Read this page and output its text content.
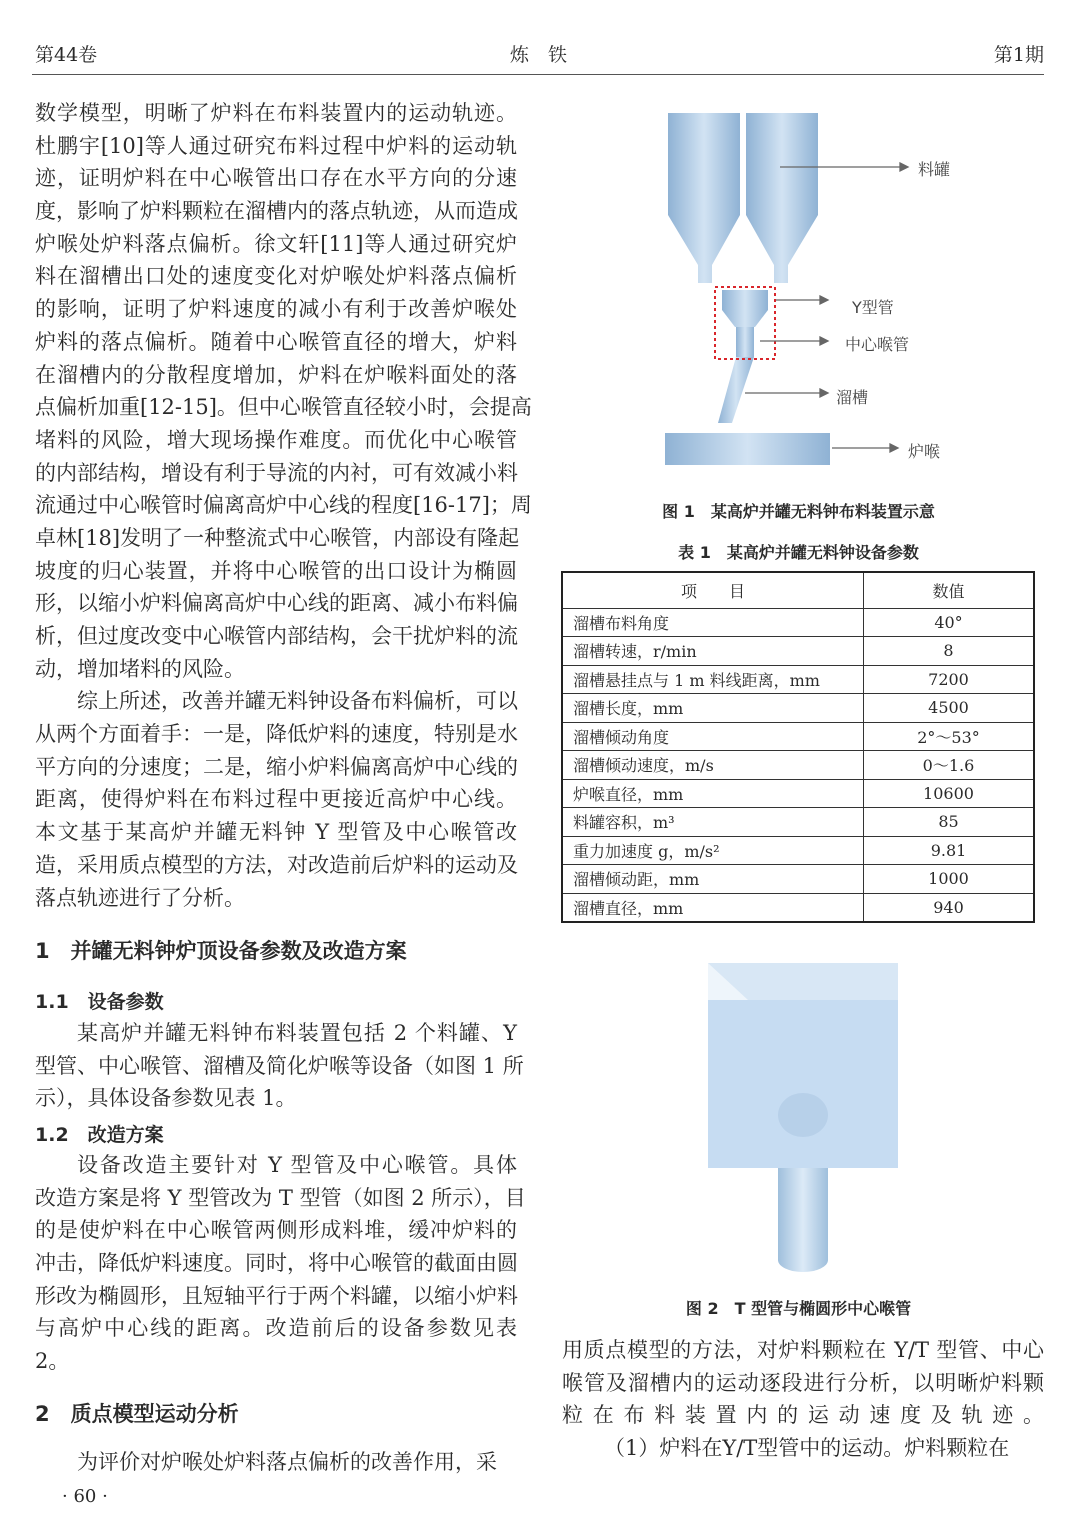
第44卷	炼　铁	第1期
数学模型，明晰了炉料在布料装置内的运动轨迹。
杜鹏宇[10]等人通过研究布料过程中炉料的运动轨
迹，证明炉料在中心喉管出口存在水平方向的分速
度，影响了炉料颗粒在溜槽内的落点轨迹，从而造成
炉喉处炉料落点偏析。徐文轩[11]等人通过研究炉
料在溜槽出口处的速度变化对炉喉处炉料落点偏析
的影响，证明了炉料速度的减小有利于改善炉喉处
炉料的落点偏析。随着中心喉管直径的增大，炉料
在溜槽内的分散程度增加，炉料在炉喉料面处的落
点偏析加重[12-15]。但中心喉管直径较小时，会提高
堵料的风险，增大现场操作难度。而优化中心喉管
的内部结构，增设有利于导流的内衬，可有效减小料
流通过中心喉管时偏离高炉中心线的程度[16-17]；周
卓林[18]发明了一种整流式中心喉管，内部设有隆起
坡度的归心装置，并将中心喉管的出口设计为椭圆
形，以缩小炉料偏离高炉中心线的距离、减小布料偏
析，但过度改变中心喉管内部结构，会干扰炉料的流
动，增加堵料的风险。
综上所述，改善并罐无料钟设备布料偏析，可以
从两个方面着手：一是，降低炉料的速度，特别是水
平方向的分速度；二是，缩小炉料偏离高炉中心线的
距离，使得炉料在布料过程中更接近高炉中心线。
本文基于某高炉并罐无料钟 Y 型管及中心喉管改
造，采用质点模型的方法，对改造前后炉料的运动及
落点轨迹进行了分析。
1　并罐无料钟炉顶设备参数及改造方案
1.1　设备参数
某高炉并罐无料钟布料装置包括 2 个料罐、Y
型管、中心喉管、溜槽及简化炉喉等设备（如图 1 所
示），具体设备参数见表 1。
1.2　改造方案
设备改造主要针对 Y 型管及中心喉管。具体
改造方案是将 Y 型管改为 T 型管（如图 2 所示），目
的是使炉料在中心喉管两侧形成料堆，缓冲炉料的
冲击，降低炉料速度。同时，将中心喉管的截面由圆
形改为椭圆形，且短轴平行于两个料罐，以缩小炉料
与高炉中心线的距离。改造前后的设备参数见表
2。
2　质点模型运动分析
为评价对炉喉处炉料落点偏析的改善作用，采
· 60 ·
料罐
Y型管
中心喉管
溜槽
炉喉
图 1　某高炉并罐无料钟布料装置示意
表 1　某高炉并罐无料钟设备参数
项　　目	数值
溜槽布料角度	40°
溜槽转速，r/min	8
溜槽悬挂点与 1 m 料线距离，mm	7200
溜槽长度，mm	4500
溜槽倾动角度	2°～53°
溜槽倾动速度，m/s	0～1.6
炉喉直径，mm	10600
料罐容积，m³	85
重力加速度 g，m/s²	9.81
溜槽倾动距，mm	1000
溜槽直径，mm	940
图 2　T 型管与椭圆形中心喉管
用质点模型的方法，对炉料颗粒在 Y/T 型管、中心
喉管及溜槽内的运动逐段进行分析，以明晰炉料颗
粒在布料装置内的运动速度及轨迹。
（1）炉料在Y/T型管中的运动。炉料颗粒在
